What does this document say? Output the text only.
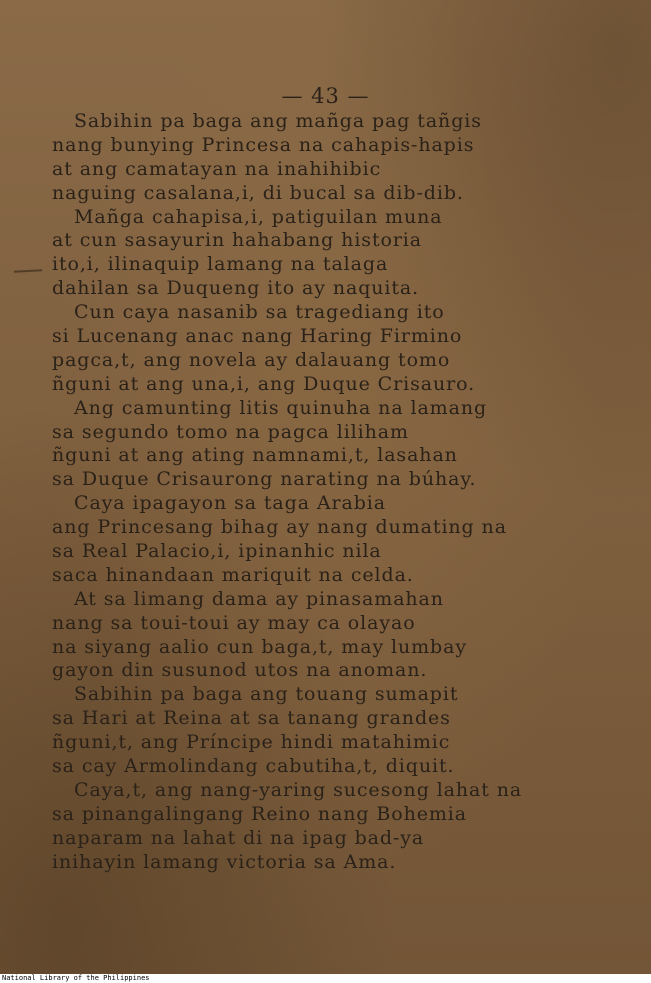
— 43 —
Sabihin pa baga ang mañga pag tañgis
nang bunying Princesa na cahapis-hapis
at ang camatayan na inahihibic
naguing casalana,i, di bucal sa dib-dib.
Mañga cahapisa,i, patiguilan muna
at cun sasayurin hahabang historia
ito,i, ilinaquip lamang na talaga
dahilan sa Duqueng ito ay naquita.
Cun caya nasanib sa tragediang ito
si Lucenang anac nang Haring Firmino
pagca,t, ang novela ay dalauang tomo
ñguni at ang una,i, ang Duque Crisauro.
Ang camunting litis quinuha na lamang
sa segundo tomo na pagca liliham
ñguni at ang ating namnami,t, lasahan
sa Duque Crisaurong narating na búhay.
Caya ipagayon sa taga Arabia
ang Princesang bihag ay nang dumating na
sa Real Palacio,i, ipinanhic nila
saca hinandaan mariquit na celda.
At sa limang dama ay pinasamahan
nang sa toui-toui ay may ca olayao
na siyang aalio cun baga,t, may lumbay
gayon din susunod utos na anoman.
Sabihin pa baga ang touang sumapit
sa Hari at Reina at sa tanang grandes
ñguni,t, ang Príncipe hindi matahimic
sa cay Armolindang cabutiha,t, diquit.
Caya,t, ang nang-yaring sucesong lahat na
sa pinangalingang Reino nang Bohemia
naparam na lahat di na ipag bad-ya
inihayin lamang victoria sa Ama.
National Library of the Philippines
